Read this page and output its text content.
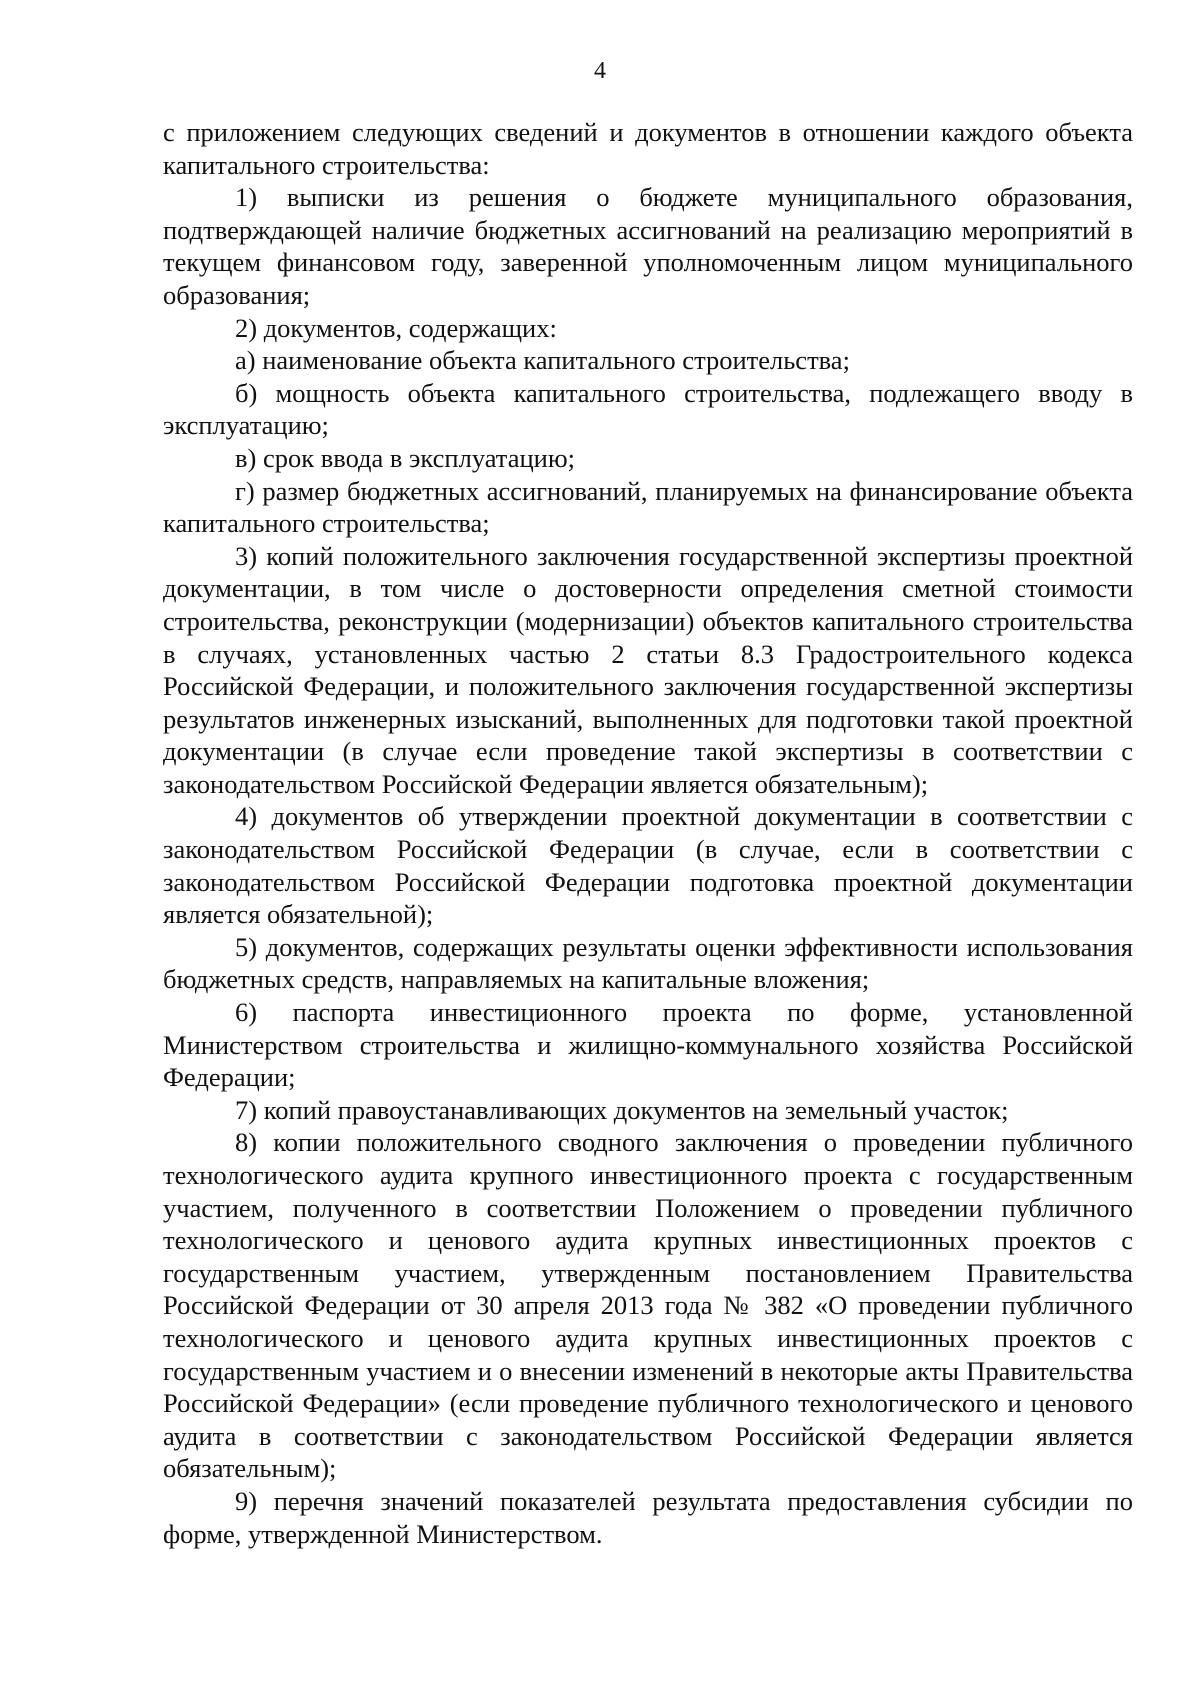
4

с приложением следующих сведений и документов в отношении каждого объекта капитального строительства:

1) выписки из решения о бюджете муниципального образования, подтверждающей наличие бюджетных ассигнований на реализацию мероприятий в текущем финансовом году, заверенной уполномоченным лицом муниципального образования;

2) документов, содержащих:

а) наименование объекта капитального строительства;

б) мощность объекта капитального строительства, подлежащего вводу в эксплуатацию;

в) срок ввода в эксплуатацию;

г) размер бюджетных ассигнований, планируемых на финансирование объекта капитального строительства;

3) копий положительного заключения государственной экспертизы проектной документации, в том числе о достоверности определения сметной стоимости строительства, реконструкции (модернизации) объектов капитального строительства в случаях, установленных частью 2 статьи 8.3 Градостроительного кодекса Российской Федерации, и положительного заключения государственной экспертизы результатов инженерных изысканий, выполненных для подготовки такой проектной документации (в случае если проведение такой экспертизы в соответствии с законодательством Российской Федерации является обязательным);

4) документов об утверждении проектной документации в соответствии с законодательством Российской Федерации (в случае, если в соответствии с законодательством Российской Федерации подготовка проектной документации является обязательной);

5) документов, содержащих результаты оценки эффективности использования бюджетных средств, направляемых на капитальные вложения;

6) паспорта инвестиционного проекта по форме, установленной Министерством строительства и жилищно-коммунального хозяйства Российской Федерации;

7) копий правоустанавливающих документов на земельный участок;

8) копии положительного сводного заключения о проведении публичного технологического аудита крупного инвестиционного проекта с государственным участием, полученного в соответствии Положением о проведении публичного технологического и ценового аудита крупных инвестиционных проектов с государственным участием, утвержденным постановлением Правительства Российской Федерации от 30 апреля 2013 года № 382 «О проведении публичного технологического и ценового аудита крупных инвестиционных проектов с государственным участием и о внесении изменений в некоторые акты Правительства Российской Федерации» (если проведение публичного технологического и ценового аудита в соответствии с законодательством Российской Федерации является обязательным);

9) перечня значений показателей результата предоставления субсидии по форме, утвержденной Министерством.
